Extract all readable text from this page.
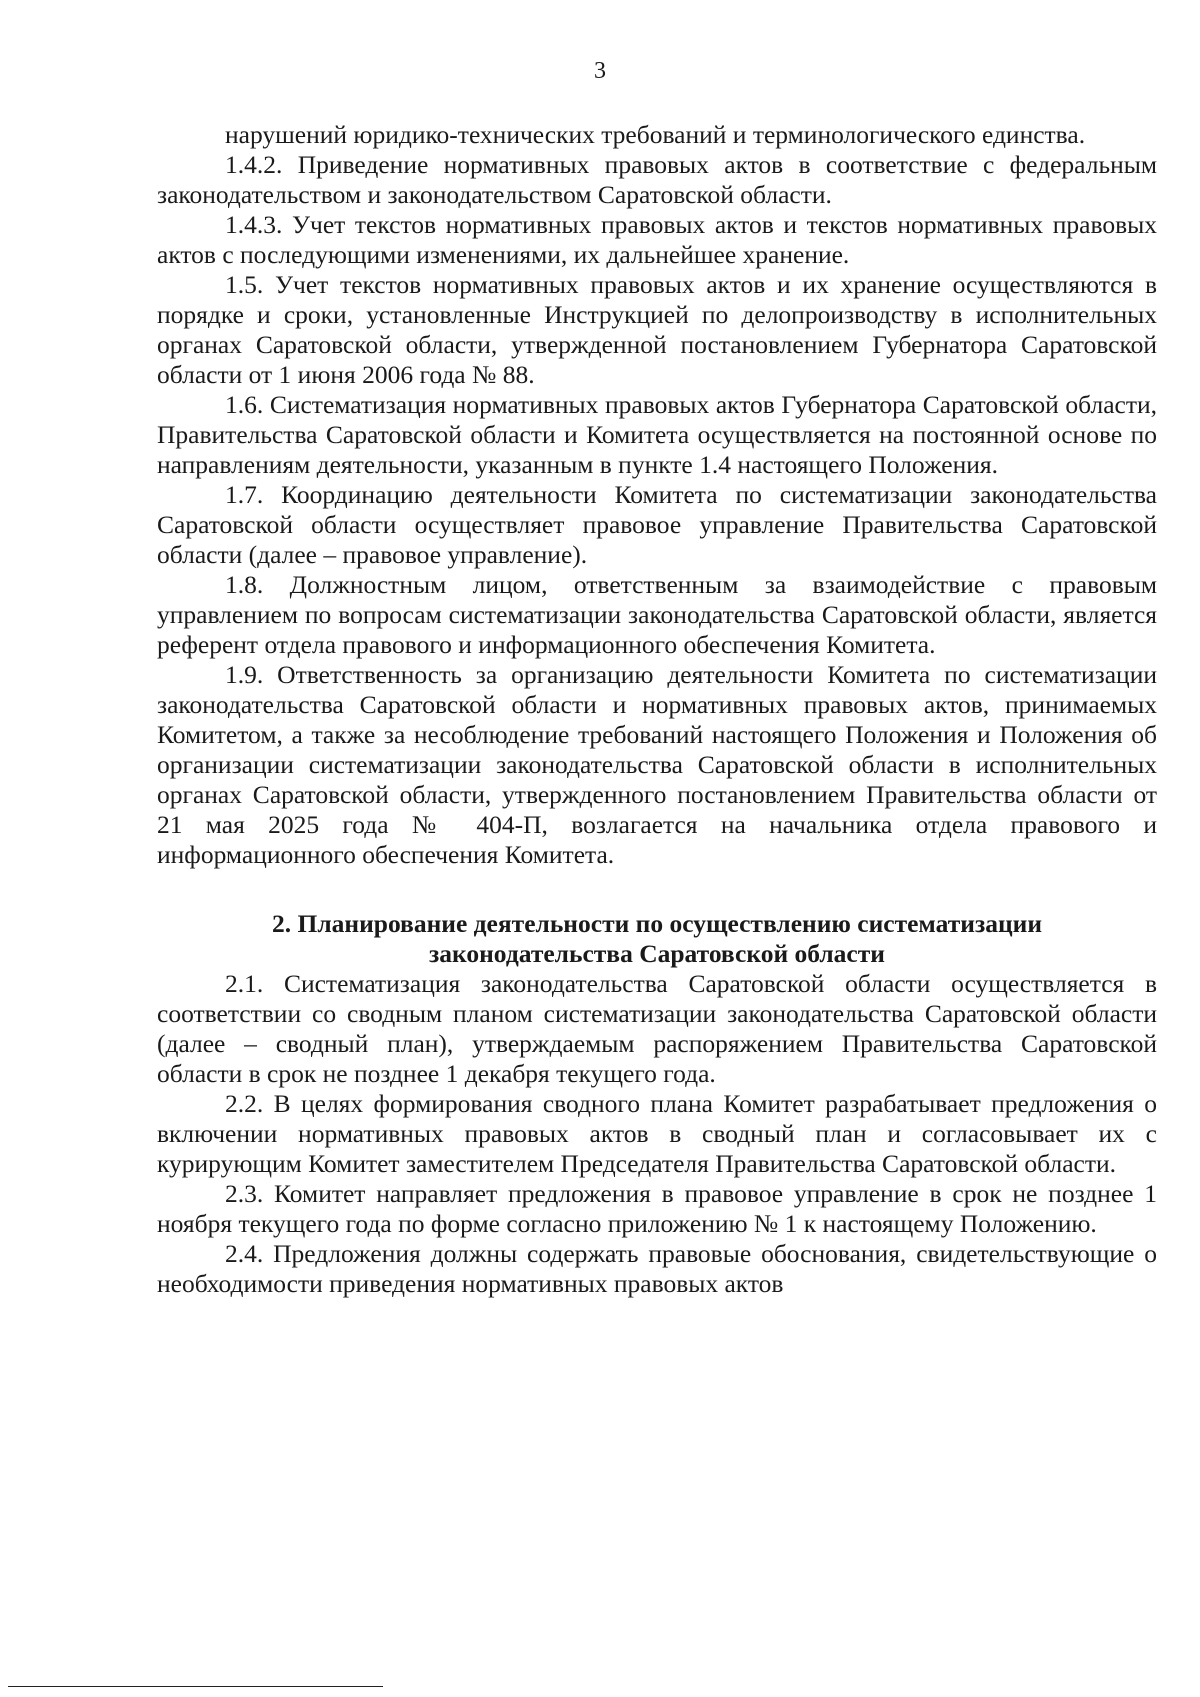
3

нарушений юридико-технических требований и терминологического единства.

1.4.2. Приведение нормативных правовых актов в соответствие с федеральным законодательством и законодательством Саратовской области.

1.4.3. Учет текстов нормативных правовых актов и текстов нормативных правовых актов с последующими изменениями, их дальнейшее хранение.

1.5. Учет текстов нормативных правовых актов и их хранение осуществляются в порядке и сроки, установленные Инструкцией по делопроизводству в исполнительных органах Саратовской области, утвержденной постановлением Губернатора Саратовской области от 1 июня 2006 года № 88.

1.6. Систематизация нормативных правовых актов Губернатора Саратовской области, Правительства Саратовской области и Комитета осуществляется на постоянной основе по направлениям деятельности, указанным в пункте 1.4 настоящего Положения.

1.7. Координацию деятельности Комитета по систематизации законодательства Саратовской области осуществляет правовое управление Правительства Саратовской области (далее – правовое управление).

1.8. Должностным лицом, ответственным за взаимодействие с правовым управлением по вопросам систематизации законодательства Саратовской области, является референт отдела правового и информационного обеспечения Комитета.

1.9. Ответственность за организацию деятельности Комитета по систематизации законодательства Саратовской области и нормативных правовых актов, принимаемых Комитетом, а также за несоблюдение требований настоящего Положения и Положения об организации систематизации законодательства Саратовской области в исполнительных органах Саратовской области, утвержденного постановлением Правительства области от 21 мая 2025 года № 404-П, возлагается на начальника отдела правового и информационного обеспечения Комитета.

2. Планирование деятельности по осуществлению систематизации
законодательства Саратовской области

2.1. Систематизация законодательства Саратовской области осуществляется в соответствии со сводным планом систематизации законодательства Саратовской области (далее – сводный план), утверждаемым распоряжением Правительства Саратовской области в срок не позднее 1 декабря текущего года.

2.2. В целях формирования сводного плана Комитет разрабатывает предложения о включении нормативных правовых актов в сводный план и согласовывает их с курирующим Комитет заместителем Председателя Правительства Саратовской области.

2.3. Комитет направляет предложения в правовое управление в срок не позднее 1 ноября текущего года по форме согласно приложению № 1 к настоящему Положению.

2.4. Предложения должны содержать правовые обоснования, свидетельствующие о необходимости приведения нормативных правовых актов
